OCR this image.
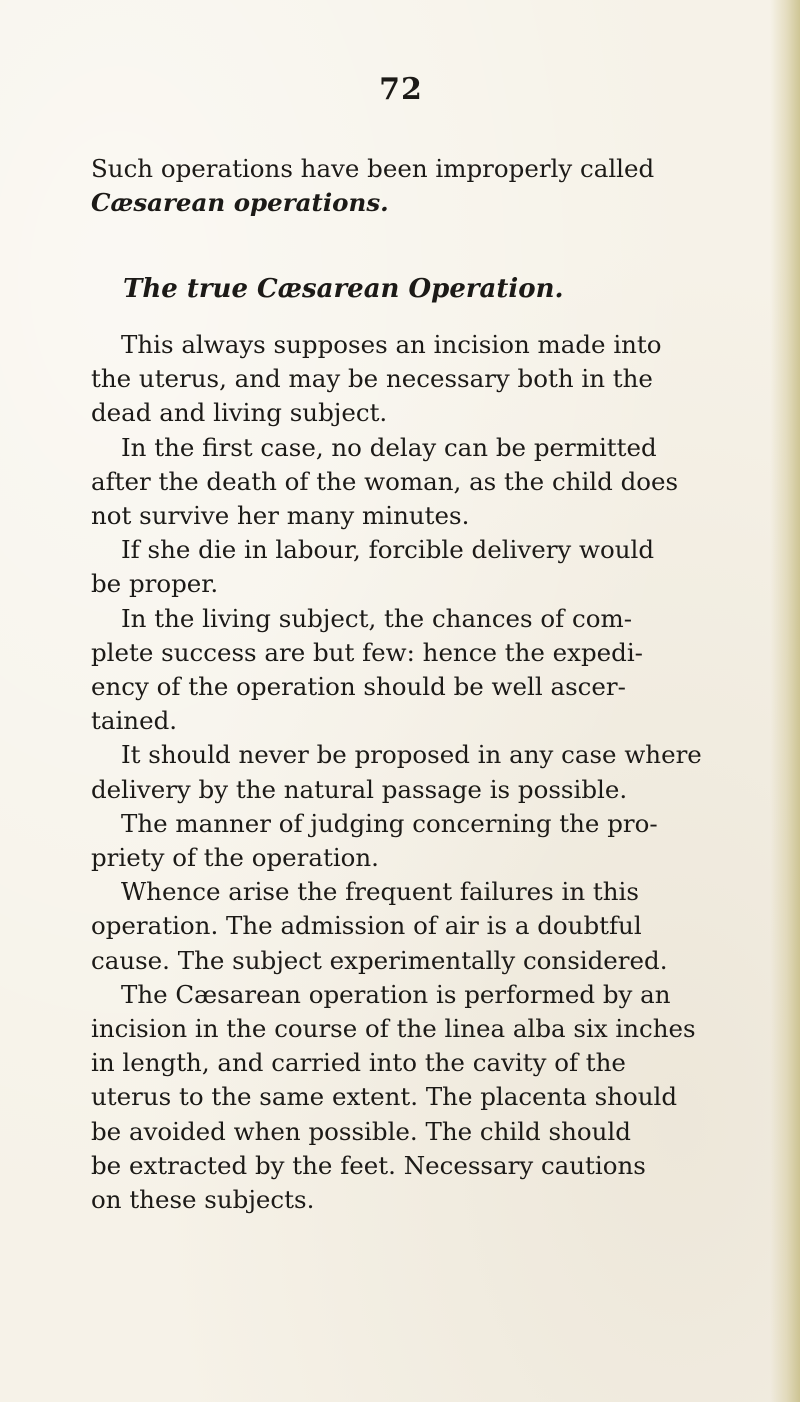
72
Such operations have been improperly called
Cæsarean operations.
The true Cæsarean Operation.

This always supposes an incision made into
the uterus, and may be necessary both in the
dead and living subject.

In the first case, no delay can be permitted
after the death of the woman, as the child does
not survive her many minutes.

If she die in labour, forcible delivery would
be proper.

In the living subject, the chances of com-
plete success are but few: hence the expedi-
ency of the operation should be well ascer-
tained.

It should never be proposed in any case where
delivery by the natural passage is possible.

The manner of judging concerning the pro-
priety of the operation.

Whence arise the frequent failures in this
operation. The admission of air is a doubtful
cause. The subject experimentally considered.

The Cæsarean operation is performed by an
incision in the course of the linea alba six inches
in length, and carried into the cavity of the
uterus to the same extent. The placenta should
be avoided when possible. The child should
be extracted by the feet. Necessary cautions
on these subjects.
